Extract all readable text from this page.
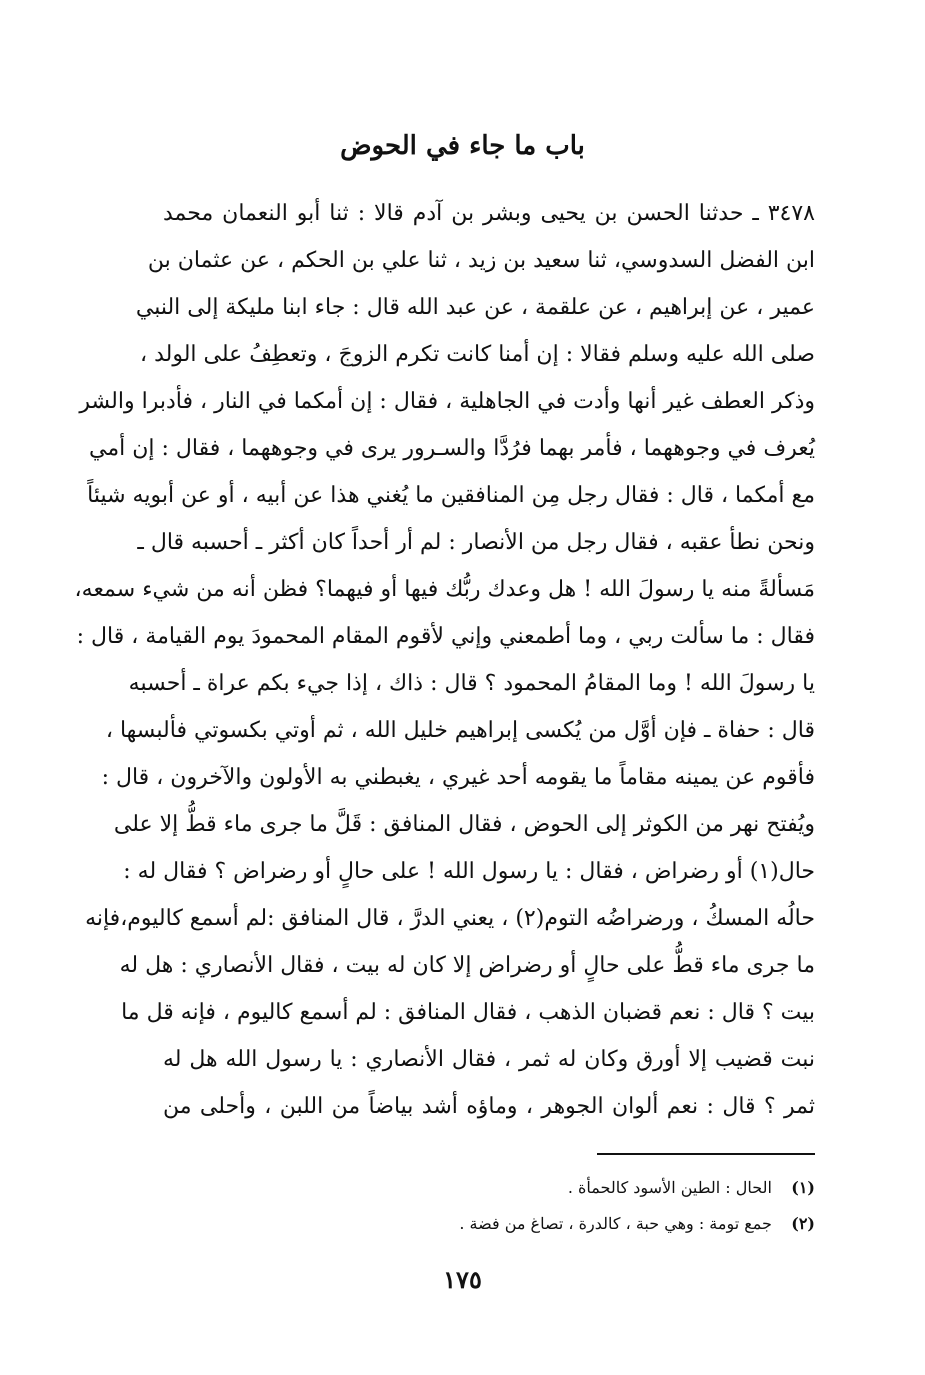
باب ما جاء في الحوض
٣٤٧٨ ـ حدثنا الحسن بن يحيى وبشر بن آدم قالا : ثنا أبو النعمان محمد
ابن الفضل السدوسي، ثنا سعيد بن زيد ، ثنا علي بن الحكم ، عن عثمان بن
عمير ، عن إبراهيم ، عن علقمة ، عن عبد الله قال : جاء ابنا مليكة إلى النبي
صلى الله عليه وسلم فقالا : إن أمنا كانت تكرم الزوجَ ، وتعطِفُ على الولد ،
وذكر العطف غير أنها وأدت في الجاهلية ، فقال : إن أمكما في النار ، فأدبرا والشر
يُعرف في وجوههما ، فأمر بهما فرُدَّا والسـرور يرى في وجوههما ، فقال : إن أمي
مع أمكما ، قال : فقال رجل مِن المنافقين ما يُغني هذا عن أبيه ، أو عن أبويه شيئاً
ونحن نطأ عقبه ، فقال رجل من الأنصار : لم أر أحداً كان أكثر ـ أحسبه قال ـ
مَسألةً منه يا رسولَ الله ! هل وعدك ربُّك فيها أو فيهما؟ فظن أنه من شيء سمعه،
فقال : ما سألت ربي ، وما أطمعني وإني لأقوم المقام المحمودَ يوم القيامة ، قال :
يا رسولَ الله ! وما المقامُ المحمود ؟ قال : ذاك ، إذا جيء بكم عراة ـ أحسبه
قال : حفاة ـ فإن أوَّل من يُكسى إبراهيم خليل الله ، ثم أوتي بكسوتي فألبسها ،
فأقوم عن يمينه مقاماً ما يقومه أحد غيري ، يغبطني به الأولون والآخرون ، قال :
ويُفتح نهر من الكوثر إلى الحوض ، فقال المنافق : قَلَّ ما جرى ماء قطُّ إلا على
حال(١) أو رضراض ، فقال : يا رسول الله ! على حالٍ أو رضراض ؟ فقال له :
حالُه المسكُ ، ورضراضُه التوم(٢) ، يعني الدرَّ ، قال المنافق :لم أسمع كاليوم،فإنه
ما جرى ماء قطُّ على حالٍ أو رضراض إلا كان له بيت ، فقال الأنصاري : هل له
بيت ؟ قال : نعم قضبان الذهب ، فقال المنافق : لم أسمع كاليوم ، فإنه قل ما
نبت قضيب إلا أورق وكان له ثمر ، فقال الأنصاري : يا رسول الله هل له
ثمر ؟ قال : نعم ألوان الجوهر ، وماؤه أشد بياضاً من اللبن ، وأحلى من
(١) الحال : الطين الأسود كالحمأة .
(٢) جمع تومة : وهي حبة ، كالدرة ، تصاغ من فضة .
١٧٥
